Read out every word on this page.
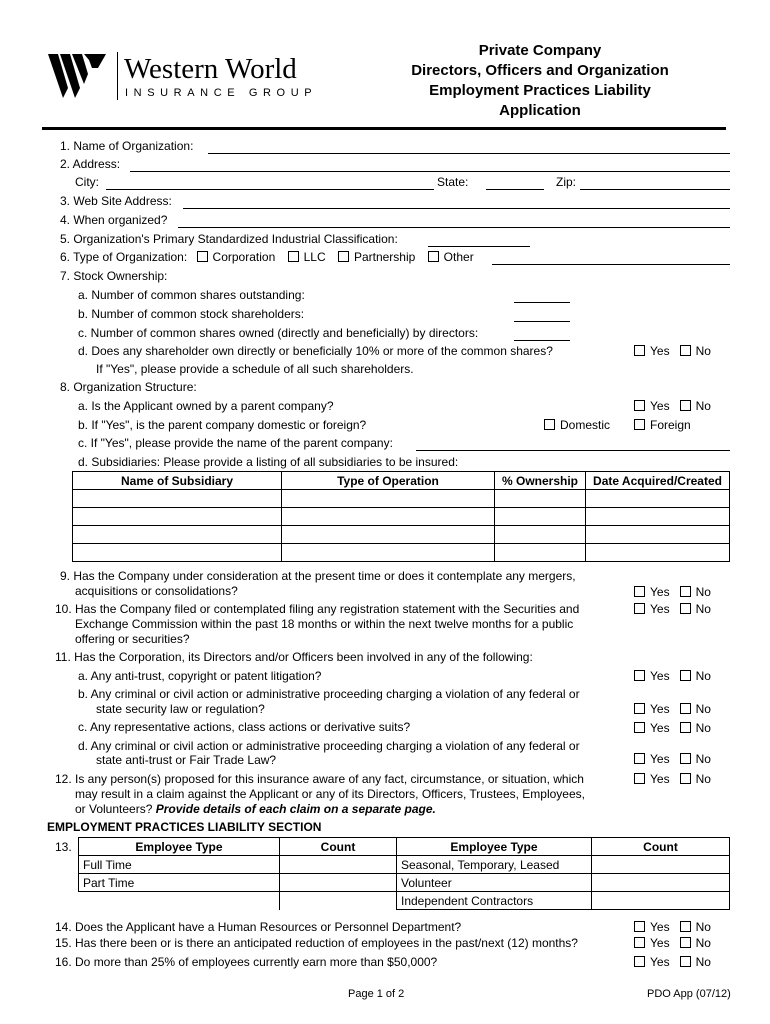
Western World
INSURANCE GROUP
Private Company
Directors, Officers and Organization
Employment Practices Liability
Application
1. Name of Organization:
2. Address:
City:	State:	Zip:
3. Web Site Address:
4. When organized?
5. Organization's Primary Standardized Industrial Classification:
6. Type of Organization: Corporation LLC Partnership Other
7. Stock Ownership:
a. Number of common shares outstanding:
b. Number of common stock shareholders:
c. Number of common shares owned (directly and beneficially) by directors:
d. Does any shareholder own directly or beneficially 10% or more of the common shares?	Yes No
If "Yes", please provide a schedule of all such shareholders.
8. Organization Structure:
a. Is the Applicant owned by a parent company?	Yes No
b. If "Yes", is the parent company domestic or foreign?	Domestic	Foreign
c. If "Yes", please provide the name of the parent company:
d. Subsidiaries: Please provide a listing of all subsidiaries to be insured:
Name of Subsidiary	Type of Operation	% Ownership	Date Acquired/Created

9. Has the Company under consideration at the present time or does it contemplate any mergers,
acquisitions or consolidations?	Yes No
10. Has the Company filed or contemplated filing any registration statement with the Securities and
Exchange Commission within the past 18 months or within the next twelve months for a public
offering or securities?
Yes No
11. Has the Corporation, its Directors and/or Officers been involved in any of the following:
a. Any anti-trust, copyright or patent litigation?	Yes No
b. Any criminal or civil action or administrative proceeding charging a violation of any federal or
state security law or regulation?	Yes No
c. Any representative actions, class actions or derivative suits?	Yes No
d. Any criminal or civil action or administrative proceeding charging a violation of any federal or
state anti-trust or Fair Trade Law?	Yes No
12. Is any person(s) proposed for this insurance aware of any fact, circumstance, or situation, which	Yes No
may result in a claim against the Applicant or any of its Directors, Officers, Trustees, Employees,
or Volunteers? Provide details of each claim on a separate page.
EMPLOYMENT PRACTICES LIABILITY SECTION
13.	Employee Type	Count	Employee Type	Count
Full Time		Seasonal, Temporary, Leased	
Part Time		Volunteer	
		Independent Contractors	
14. Does the Applicant have a Human Resources or Personnel Department?	Yes No
15. Has there been or is there an anticipated reduction of employees in the past/next (12) months?	Yes No
16. Do more than 25% of employees currently earn more than $50,000?	Yes No
Page 1 of 2	PDO App (07/12)
